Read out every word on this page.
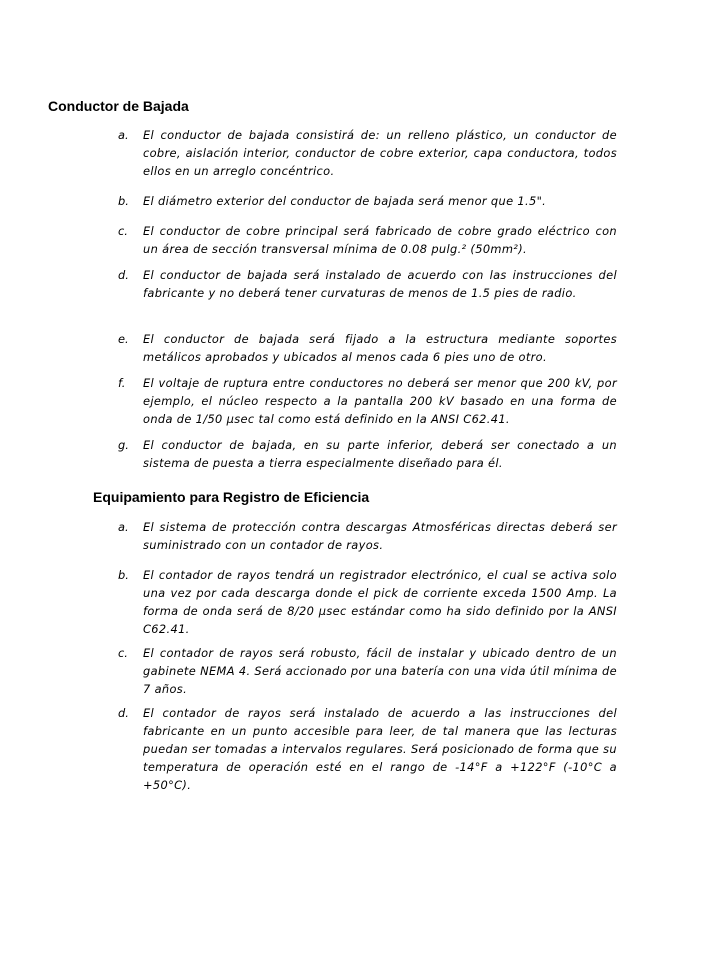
Conductor de Bajada
a.	El conductor de bajada consistirá de: un relleno plástico, un conductor de cobre, aislación interior, conductor de cobre exterior, capa conductora, todos ellos en un arreglo concéntrico.
b.	El diámetro exterior del conductor de bajada será menor que 1.5".
c.	El conductor de cobre principal será fabricado de cobre grado eléctrico con un área de sección transversal mínima de 0.08 pulg.² (50mm²).
d.	El conductor de bajada será instalado de acuerdo con las instrucciones del fabricante y no deberá tener curvaturas de menos de 1.5 pies de radio.
e.	El conductor de bajada será fijado a la estructura mediante soportes metálicos aprobados y ubicados al menos cada 6 pies uno de otro.
f.	El voltaje de ruptura entre conductores no deberá ser menor que 200 kV, por ejemplo, el núcleo respecto a la pantalla 200 kV basado en una forma de onda de 1/50 µsec tal como está definido en la ANSI C62.41.
g.	El conductor de bajada, en su parte inferior, deberá ser conectado a un sistema de puesta a tierra especialmente diseñado para él.
Equipamiento para Registro de Eficiencia
a.	El sistema de protección contra descargas Atmosféricas directas deberá ser suministrado con un contador de rayos.
b.	El contador de rayos tendrá un registrador electrónico, el cual se activa solo una vez por cada descarga donde el pick de corriente exceda 1500 Amp. La forma de onda será de 8/20 µsec estándar como ha sido definido por la ANSI C62.41.
c.	El contador de rayos será robusto, fácil de instalar y ubicado dentro de un gabinete NEMA 4. Será accionado por una batería con una vida útil mínima de 7 años.
d.	El contador de rayos será instalado de acuerdo a las instrucciones del fabricante en un punto accesible para leer, de tal manera que las lecturas puedan ser tomadas a intervalos regulares. Será posicionado de forma que su temperatura de operación esté en el rango de -14°F a +122°F (-10°C a +50°C).
